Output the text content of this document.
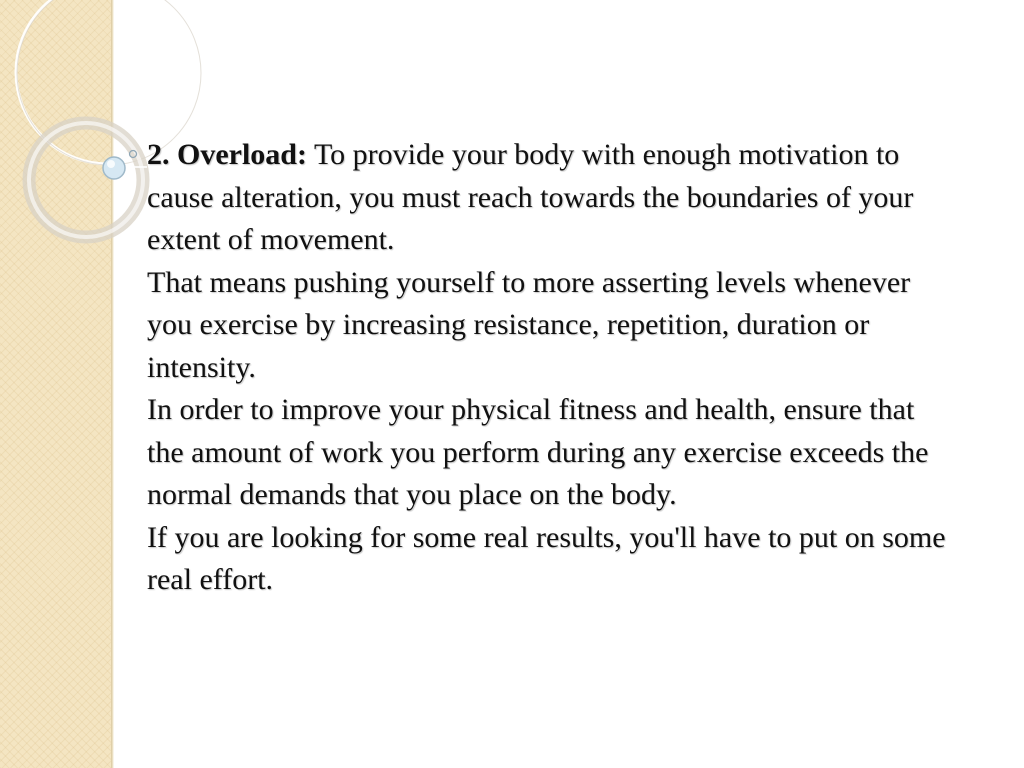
2. Overload: To provide your body with enough motivation to cause alteration, you must reach towards the boundaries of your extent of movement.

That means pushing yourself to more asserting levels whenever you exercise by increasing resistance, repetition, duration or intensity.

In order to improve your physical fitness and health, ensure that the amount of work you perform during any exercise exceeds the normal demands that you place on the body.

If you are looking for some real results, you'll have to put on some real effort.
